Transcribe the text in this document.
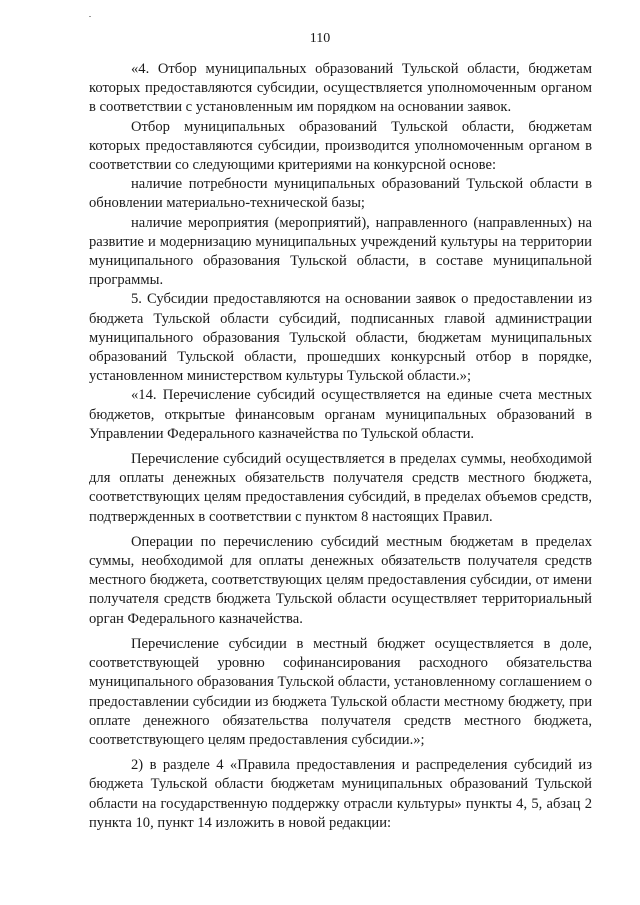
110

«4. Отбор муниципальных образований Тульской области, бюджетам которых предоставляются субсидии, осуществляется уполномоченным органом в соответствии с установленным им порядком на основании заявок.

Отбор муниципальных образований Тульской области, бюджетам которых предоставляются субсидии, производится уполномоченным органом в соответствии со следующими критериями на конкурсной основе:

наличие потребности муниципальных образований Тульской области в обновлении материально-технической базы;

наличие мероприятия (мероприятий), направленного (направленных) на развитие и модернизацию муниципальных учреждений культуры на территории муниципального образования Тульской области, в составе муниципальной программы.

5. Субсидии предоставляются на основании заявок о предоставлении из бюджета Тульской области субсидий, подписанных главой администрации муниципального образования Тульской области, бюджетам муниципальных образований Тульской области, прошедших конкурсный отбор в порядке, установленном министерством культуры Тульской области.»;

«14. Перечисление субсидий осуществляется на единые счета местных бюджетов, открытые финансовым органам муниципальных образований в Управлении Федерального казначейства по Тульской области.

Перечисление субсидий осуществляется в пределах суммы, необходимой для оплаты денежных обязательств получателя средств местного бюджета, соответствующих целям предоставления субсидий, в пределах объемов средств, подтвержденных в соответствии с пунктом 8 настоящих Правил.

Операции по перечислению субсидий местным бюджетам в пределах суммы, необходимой для оплаты денежных обязательств получателя средств местного бюджета, соответствующих целям предоставления субсидии, от имени получателя средств бюджета Тульской области осуществляет территориальный орган Федерального казначейства.

Перечисление субсидии в местный бюджет осуществляется в доле, соответствующей уровню софинансирования расходного обязательства муниципального образования Тульской области, установленному соглашением о предоставлении субсидии из бюджета Тульской области местному бюджету, при оплате денежного обязательства получателя средств местного бюджета, соответствующего целям предоставления субсидии.»;

2) в разделе 4 «Правила предоставления и распределения субсидий из бюджета Тульской области бюджетам муниципальных образований Тульской области на государственную поддержку отрасли культуры» пункты 4, 5, абзац 2 пункта 10, пункт 14 изложить в новой редакции:
